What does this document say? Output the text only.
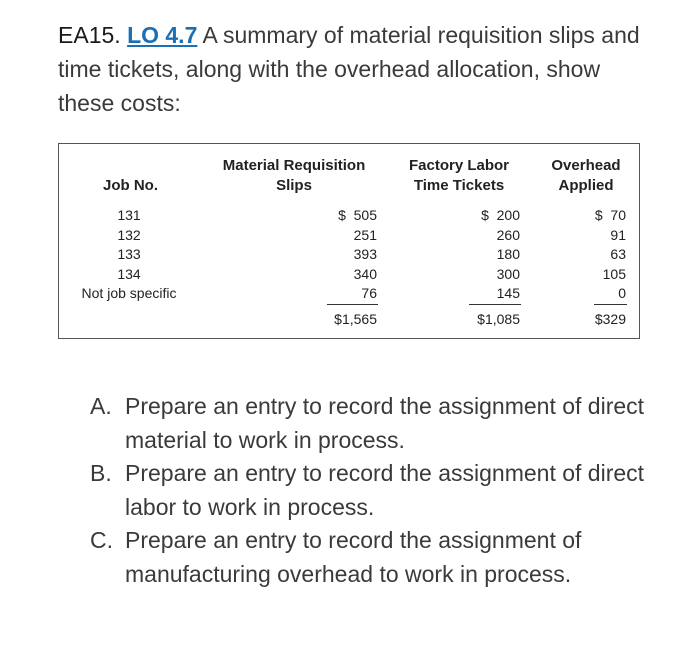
EA15. LO 4.7 A summary of material requisition slips and time tickets, along with the overhead allocation, show these costs:
Job No.
Material Requisition
Slips
Factory Labor
Time Tickets
Overhead
Applied
131
132
133
134
Not job specific
$  505
251
393
340
76
$1,565
$  200
260
180
300
145
$1,085
$  70
91
63
105
0
$329
A. Prepare an entry to record the assignment of direct material to work in process.
B. Prepare an entry to record the assignment of direct labor to work in process.
C. Prepare an entry to record the assignment of manufacturing overhead to work in process.
